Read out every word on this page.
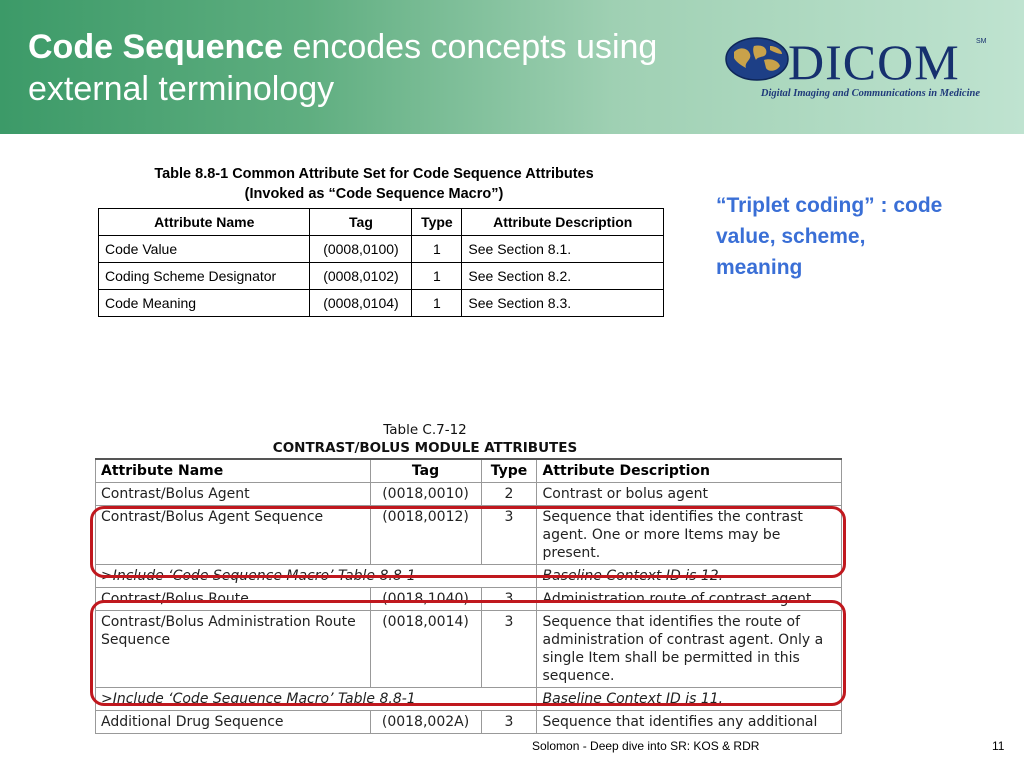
Code Sequence encodes concepts using external terminology	DICOM SM
Digital Imaging and Communications in Medicine
Table 8.8-1 Common Attribute Set for Code Sequence Attributes
(Invoked as “Code Sequence Macro”)
Attribute Name	Tag	Type	Attribute Description
Code Value	(0008,0100)	1	See Section 8.1.
Coding Scheme Designator	(0008,0102)	1	See Section 8.2.
Code Meaning	(0008,0104)	1	See Section 8.3.
“Triplet coding” : code value, scheme, meaning
Table C.7-12
CONTRAST/BOLUS MODULE ATTRIBUTES
Attribute Name	Tag	Type	Attribute Description
Contrast/Bolus Agent	(0018,0010)	2	Contrast or bolus agent
Contrast/Bolus Agent Sequence	(0018,0012)	3	Sequence that identifies the contrast agent. One or more Items may be present.
>Include ‘Code Sequence Macro’ Table 8.8-1			Baseline Context ID is 12.
Contrast/Bolus Route	(0018,1040)	3	Administration route of contrast agent
Contrast/Bolus Administration Route Sequence	(0018,0014)	3	Sequence that identifies the route of administration of contrast agent. Only a single Item shall be permitted in this sequence.
>Include ‘Code Sequence Macro’ Table 8.8-1			Baseline Context ID is 11.
Additional Drug Sequence	(0018,002A)	3	Sequence that identifies any additional
Solomon - Deep dive into SR: KOS & RDR	11
